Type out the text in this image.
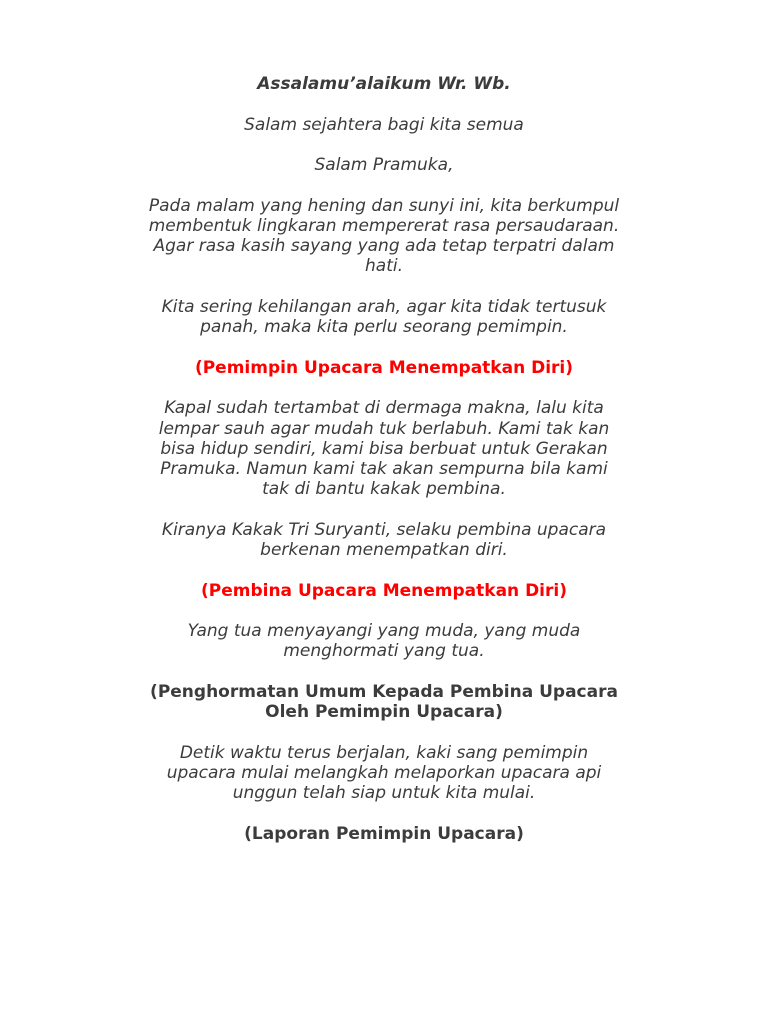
Assalamu’alaikum Wr. Wb.

Salam sejahtera bagi kita semua

Salam Pramuka,

Pada malam yang hening dan sunyi ini, kita berkumpul
membentuk lingkaran mempererat rasa persaudaraan.
Agar rasa kasih sayang yang ada tetap terpatri dalam
hati.

Kita sering kehilangan arah, agar kita tidak tertusuk
panah, maka kita perlu seorang pemimpin.

(Pemimpin Upacara Menempatkan Diri)

Kapal sudah tertambat di dermaga makna, lalu kita
lempar sauh agar mudah tuk berlabuh. Kami tak kan
bisa hidup sendiri, kami bisa berbuat untuk Gerakan
Pramuka. Namun kami tak akan sempurna bila kami
tak di bantu kakak pembina.

Kiranya Kakak Tri Suryanti, selaku pembina upacara
berkenan menempatkan diri.

(Pembina Upacara Menempatkan Diri)

Yang tua menyayangi yang muda, yang muda
menghormati yang tua.

(Penghormatan Umum Kepada Pembina Upacara
Oleh Pemimpin Upacara)

Detik waktu terus berjalan, kaki sang pemimpin
upacara mulai melangkah melaporkan upacara api
unggun telah siap untuk kita mulai.

(Laporan Pemimpin Upacara)
